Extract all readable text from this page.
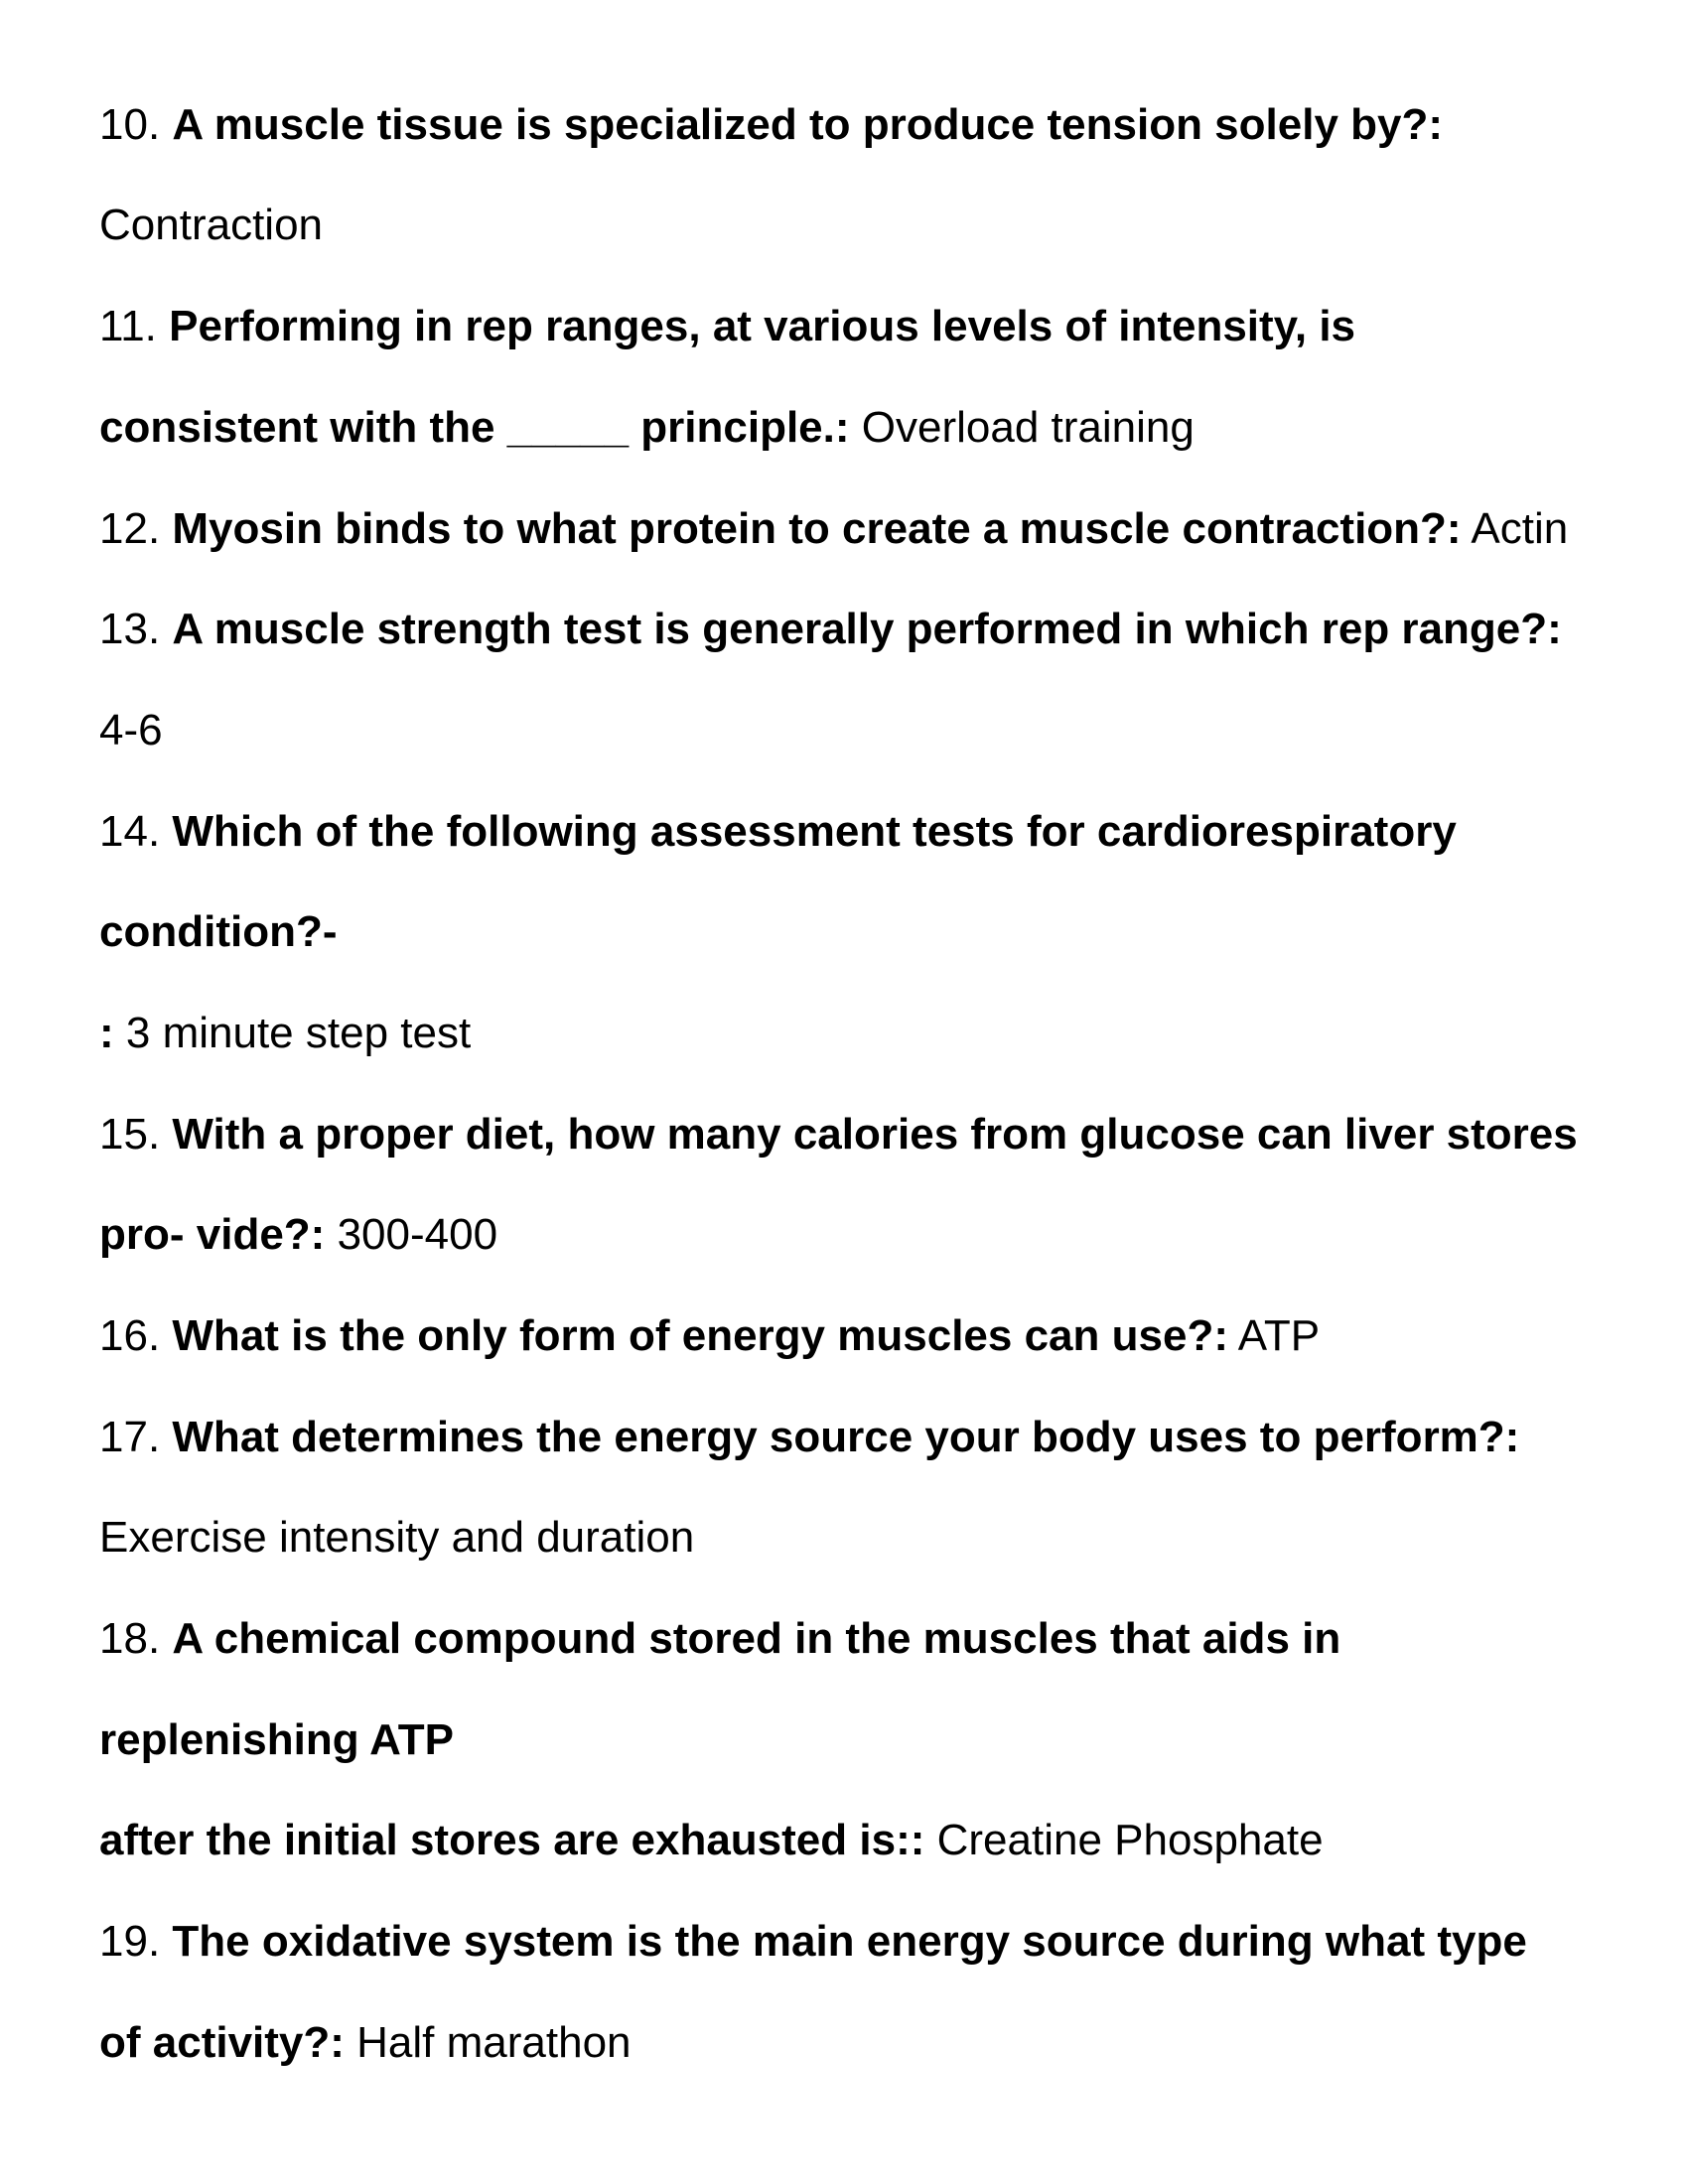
10. A muscle tissue is specialized to produce tension solely by?:

Contraction

11. Performing in rep ranges, at various levels of intensity, is

consistent with the _____ principle.: Overload training

12. Myosin binds to what protein to create a muscle contraction?: Actin

13. A muscle strength test is generally performed in which rep range?:

4-6

14. Which of the following assessment tests for cardiorespiratory

condition?-

: 3 minute step test

15. With a proper diet, how many calories from glucose can liver stores

pro- vide?: 300-400

16. What is the only form of energy muscles can use?: ATP

17. What determines the energy source your body uses to perform?:

Exercise intensity and duration

18. A chemical compound stored in the muscles that aids in

replenishing ATP

after the initial stores are exhausted is:: Creatine Phosphate

19. The oxidative system is the main energy source during what type

of activity?: Half marathon
